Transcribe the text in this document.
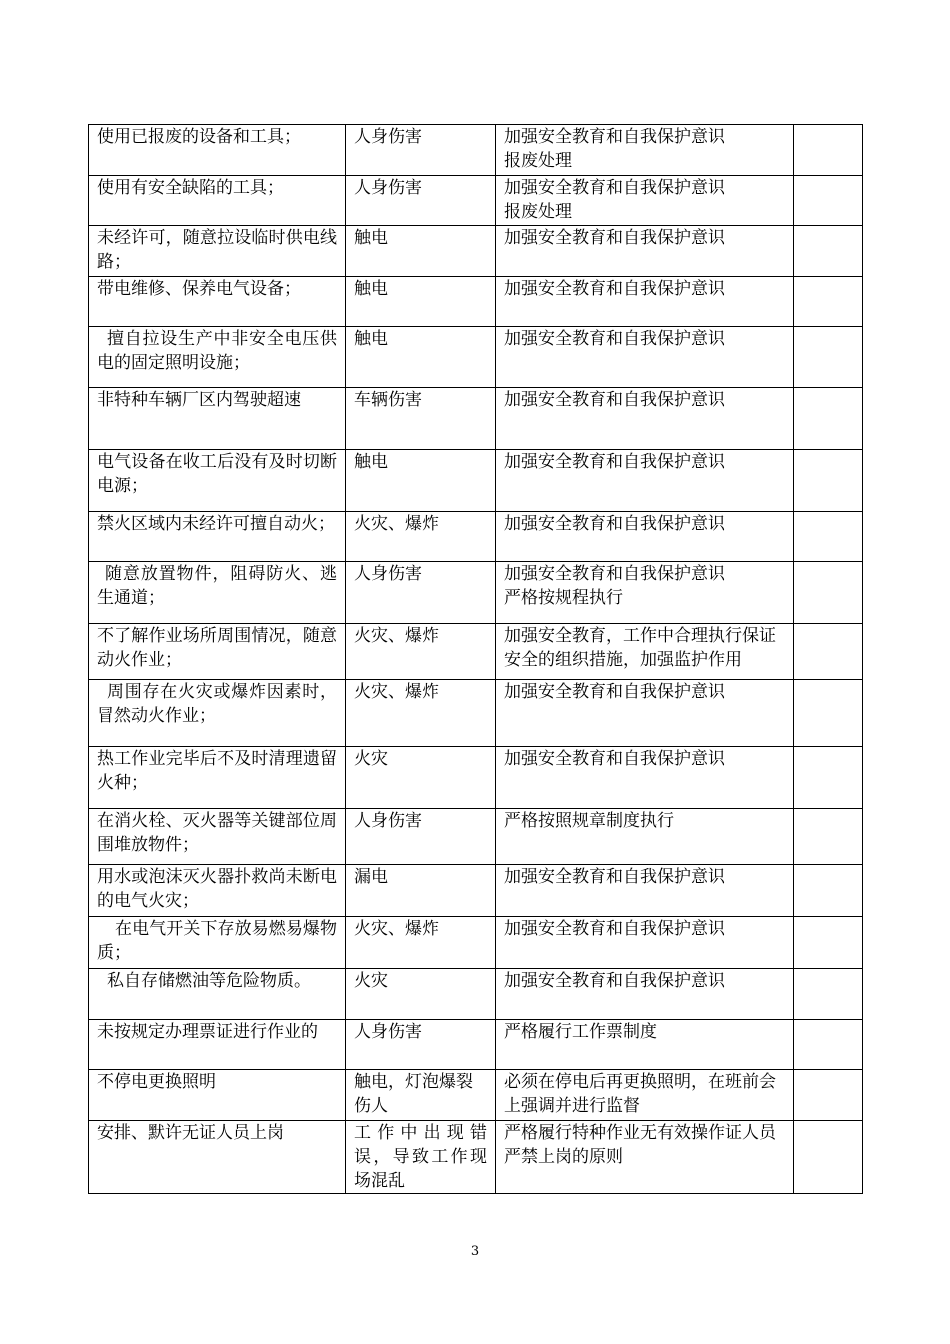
使用已报废的设备和工具；	人身伤害	加强安全教育和自我保护意识
报废处理	

使用有安全缺陷的工具；	人身伤害	加强安全教育和自我保护意识
报废处理	

未经许可，随意拉设临时供电线路；	触电	加强安全教育和自我保护意识	

带电维修、保养电气设备；	触电	加强安全教育和自我保护意识	

擅自拉设生产中非安全电压供电的固定照明设施；	触电	加强安全教育和自我保护意识	

非特种车辆厂区内驾驶超速	车辆伤害	加强安全教育和自我保护意识	

电气设备在收工后没有及时切断电源；	触电	加强安全教育和自我保护意识	

禁火区域内未经许可擅自动火；	火灾、爆炸	加强安全教育和自我保护意识	

随意放置物件，阻碍防火、逃生通道；	人身伤害	加强安全教育和自我保护意识
严格按规程执行	

不了解作业场所周围情况，随意动火作业；	火灾、爆炸	加强安全教育，工作中合理执行保证安全的组织措施，加强监护作用	

周围存在火灾或爆炸因素时，冒然动火作业；	火灾、爆炸	加强安全教育和自我保护意识	

热工作业完毕后不及时清理遗留火种；	火灾	加强安全教育和自我保护意识	

在消火栓、灭火器等关键部位周围堆放物件；	人身伤害	严格按照规章制度执行	

用水或泡沫灭火器扑救尚未断电的电气火灾；	漏电	加强安全教育和自我保护意识	

在电气开关下存放易燃易爆物质；	火灾、爆炸	加强安全教育和自我保护意识	

私自存储燃油等危险物质。	火灾	加强安全教育和自我保护意识	

未按规定办理票证进行作业的	人身伤害	严格履行工作票制度	

不停电更换照明	触电，灯泡爆裂伤人	必须在停电后再更换照明，在班前会上强调并进行监督	

安排、默许无证人员上岗	工作中出现错误，导致工作现场混乱	严格履行特种作业无有效操作证人员严禁上岗的原则	

3
